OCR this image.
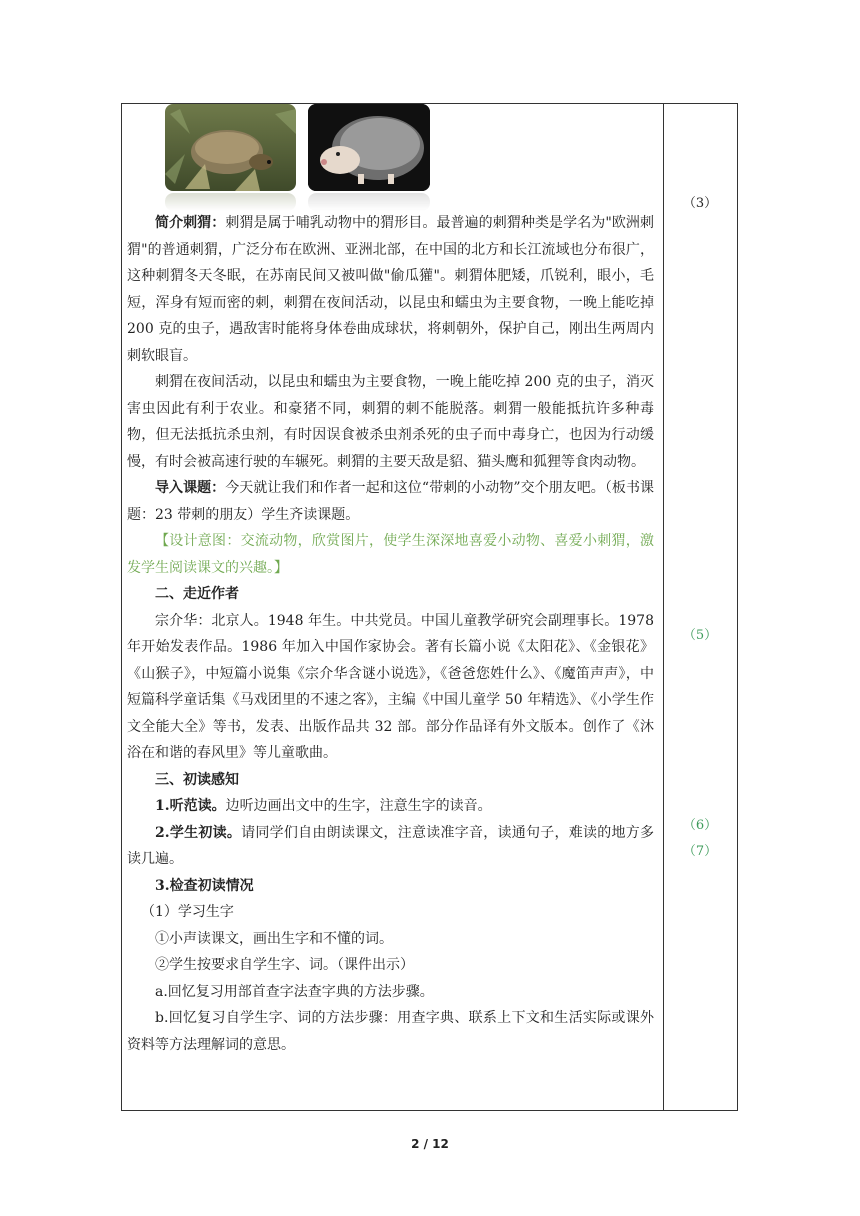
（3）
（5）
（6）
（7）

简介刺猬：刺猬是属于哺乳动物中的猬形目。最普遍的刺猬种类是学名为"欧洲刺猬"的普通刺猬，广泛分布在欧洲、亚洲北部，在中国的北方和长江流域也分布很广，这种刺猬冬天冬眠，在苏南民间又被叫做"偷瓜獾"。刺猬体肥矮，爪锐利，眼小，毛短，浑身有短而密的刺，刺猬在夜间活动，以昆虫和蠕虫为主要食物，一晚上能吃掉 200 克的虫子，遇敌害时能将身体卷曲成球状，将刺朝外，保护自己，刚出生两周内刺软眼盲。

刺猬在夜间活动，以昆虫和蠕虫为主要食物，一晚上能吃掉 200 克的虫子，消灭害虫因此有利于农业。和豪猪不同，刺猬的刺不能脱落。刺猬一般能抵抗许多种毒物，但无法抵抗杀虫剂，有时因误食被杀虫剂杀死的虫子而中毒身亡，也因为行动缓慢，有时会被高速行驶的车辗死。刺猬的主要天敌是貂、猫头鹰和狐狸等食肉动物。

导入课题：今天就让我们和作者一起和这位“带刺的小动物”交个朋友吧。（板书课题：23 带刺的朋友）学生齐读课题。

【设计意图：交流动物，欣赏图片，使学生深深地喜爱小动物、喜爱小刺猬，激发学生阅读课文的兴趣。】

二、走近作者

宗介华：北京人。1948 年生。中共党员。中国儿童教学研究会副理事长。1978 年开始发表作品。1986 年加入中国作家协会。著有长篇小说《太阳花》、《金银花》《山猴子》，中短篇小说集《宗介华含谜小说选》，《爸爸您姓什么》、《魔笛声声》，中短篇科学童话集《马戏团里的不速之客》，主编《中国儿童学 50 年精选》、《小学生作文全能大全》等书，发表、出版作品共 32 部。部分作品译有外文版本。创作了《沐浴在和谐的春风里》等儿童歌曲。

三、初读感知

1.听范读。边听边画出文中的生字，注意生字的读音。

2.学生初读。请同学们自由朗读课文，注意读准字音，读通句子，难读的地方多读几遍。

3.检查初读情况

（1）学习生字

①小声读课文，画出生字和不懂的词。

②学生按要求自学生字、词。（课件出示）

a.回忆复习用部首查字法查字典的方法步骤。

b.回忆复习自学生字、词的方法步骤：用查字典、联系上下文和生活实际或课外资料等方法理解词的意思。

2 / 12
